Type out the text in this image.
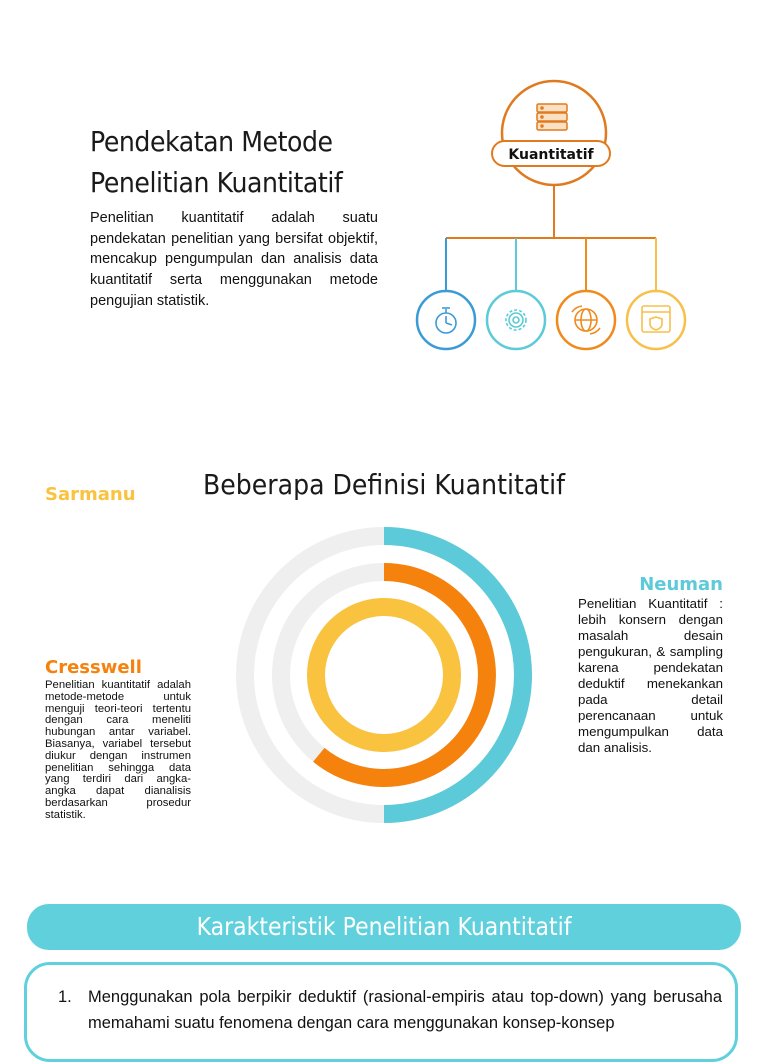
Pendekatan Metode
Penelitian Kuantitatif
Penelitian kuantitatif adalah suatu pendekatan penelitian yang bersifat objektif, mencakup pengumpulan dan analisis data kuantitatif serta menggunakan metode pengujian statistik.
Kuantitatif
Beberapa Definisi Kuantitatif
Sarmanu
Neuman
Penelitian Kuantitatif : lebih konsern dengan masalah desain pengukuran, & sampling karena pendekatan deduktif menekankan pada detail perencanaan untuk mengumpulkan data dan analisis.
Cresswell
Penelitian kuantitatif adalah metode-metode untuk menguji teori-teori tertentu dengan cara meneliti hubungan antar variabel. Biasanya, variabel tersebut diukur dengan instrumen penelitian sehingga data yang terdiri dari angka-angka dapat dianalisis berdasarkan prosedur statistik.
Karakteristik Penelitian Kuantitatif
1. Menggunakan pola berpikir deduktif (rasional-empiris atau top-down) yang berusaha memahami suatu fenomena dengan cara menggunakan konsep-konsep
